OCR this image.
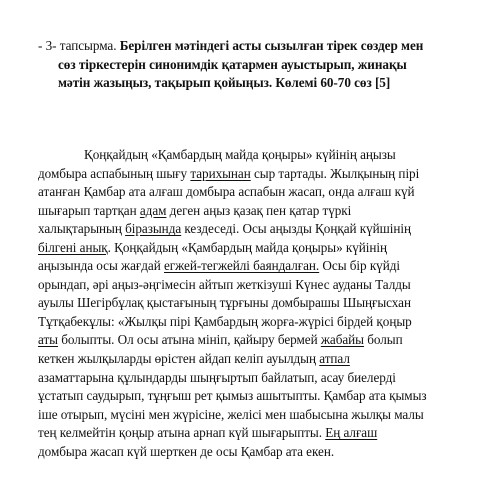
- 3- тапсырма. Берілген мәтіндегі асты сызылған тірек сөздер мен
сөз тіркестерін синонимдік қатармен ауыстырып, жинақы
мәтін жазыңыз, тақырып қойыңыз. Көлемі 60-70 сөз [5]
Қоңқайдың «Қамбардың майда қоңыры» күйінің аңызы
домбыра аспабының шығу тарихынан сыр тартады. Жылқының пірі
атанған Қамбар ата алғаш домбыра аспабын жасап, онда алғаш күй
шығарып тартқан адам деген аңыз қазақ пен қатар түркі
халықтарының біразында кездеседі. Осы аңызды Қоңқай күйшінің
білгені анық. Қоңқайдың «Қамбардың майда қоңыры» күйінің
аңызында осы жағдай егжей-тегжейлі баяндалған. Осы бір күйді
орындап, әрі аңыз-әңгімесін айтып жеткізуші Күнес ауданы Талды
ауылы Шегірбұлақ қыстағының тұрғыны домбырашы Шыңғысхан
Тұтқабекұлы: «Жылқы пірі Қамбардың жорға-жүрісі бірдей қоңыр
аты болыпты. Ол осы атына мініп, қайыру бермей жабайы болып
кеткен жылқыларды өрістен айдап келіп ауылдың атпал
азаматтарына құлындарды шыңғыртып байлатып, асау биелерді
ұстатып саудырып, тұңғыш рет қымыз ашытыпты. Қамбар ата қымыз
іше отырып, мүсіні мен жүрісіне, желісі мен шабысына жылқы малы
тең келмейтін қоңыр атына арнап күй шығарыпты. Ең алғаш
домбыра жасап күй шерткен де осы Қамбар ата екен.
